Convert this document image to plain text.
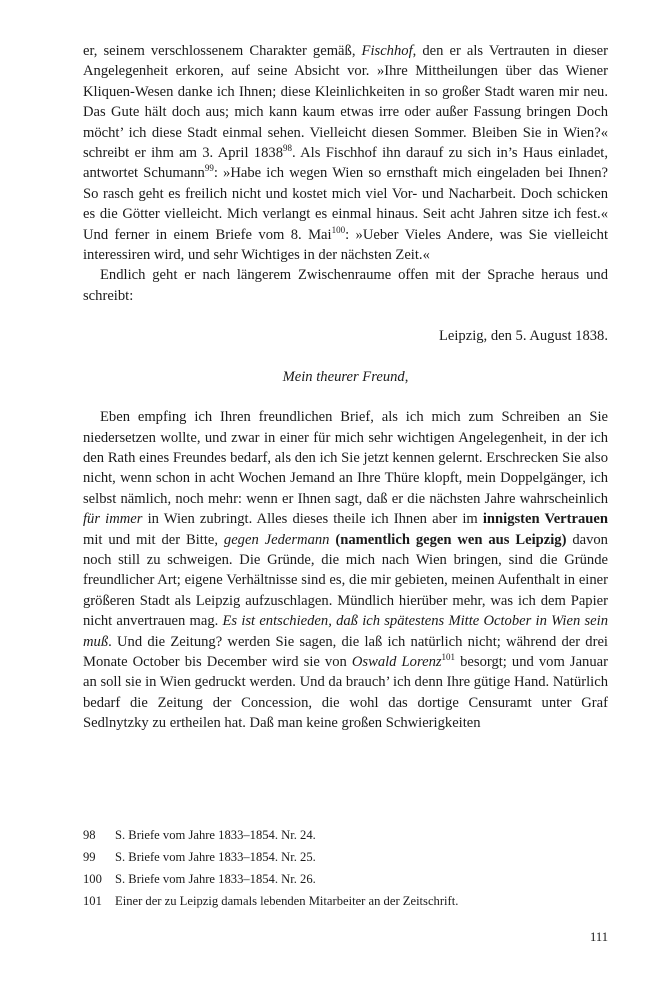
er, seinem verschlossenem Charakter gemäß, Fischhof, den er als Vertrauten in dieser Angelegenheit erkoren, auf seine Absicht vor. »Ihre Mittheilungen über das Wiener Kliquen-Wesen danke ich Ihnen; diese Kleinlichkeiten in so großer Stadt waren mir neu. Das Gute hält doch aus; mich kann kaum etwas irre oder außer Fassung bringen Doch möcht’ ich diese Stadt einmal sehen. Vielleicht diesen Sommer. Bleiben Sie in Wien?« schreibt er ihm am 3. April 1838$^{98}$. Als Fischhof ihn darauf zu sich in’s Haus einladet, antwortet Schumann$^{99}$: »Habe ich wegen Wien so ernsthaft mich eingeladen bei Ihnen? So rasch geht es freilich nicht und kostet mich viel Vor- und Nacharbeit. Doch schicken es die Götter vielleicht. Mich verlangt es einmal hinaus. Seit acht Jahren sitze ich fest.« Und ferner in einem Briefe vom 8. Mai$^{100}$: »Ueber Vieles Andere, was Sie vielleicht interessiren wird, und sehr Wichtiges in der nächsten Zeit.«

Endlich geht er nach längerem Zwischenraume offen mit der Sprache heraus und schreibt:

Leipzig, den 5. August 1838.

Mein theurer Freund,

Eben empfing ich Ihren freundlichen Brief, als ich mich zum Schreiben an Sie niedersetzen wollte, und zwar in einer für mich sehr wichtigen Angelegenheit, in der ich den Rath eines Freundes bedarf, als den ich Sie jetzt kennen gelernt. Erschrecken Sie also nicht, wenn schon in acht Wochen Jemand an Ihre Thüre klopft, mein Doppelgänger, ich selbst nämlich, noch mehr: wenn er Ihnen sagt, daß er die nächsten Jahre wahrscheinlich für immer in Wien zubringt. Alles dieses theile ich Ihnen aber im innigsten Vertrauen mit und mit der Bitte, gegen Jedermann (namentlich gegen wen aus Leipzig) davon noch still zu schweigen. Die Gründe, die mich nach Wien bringen, sind die Gründe freundlicher Art; eigene Verhältnisse sind es, die mir gebieten, meinen Aufenthalt in einer größeren Stadt als Leipzig aufzuschlagen. Mündlich hierüber mehr, was ich dem Papier nicht anvertrauen mag. Es ist entschieden, daß ich spätestens Mitte October in Wien sein muß. Und die Zeitung? werden Sie sagen, die laß ich natürlich nicht; während der drei Monate October bis December wird sie von Oswald Lorenz$^{101}$ besorgt; und vom Januar an soll sie in Wien gedruckt werden. Und da brauch’ ich denn Ihre gütige Hand. Natürlich bedarf die Zeitung der Concession, die wohl das dortige Censuramt unter Graf Sedlnytzky zu ertheilen hat. Daß man keine großen Schwierigkeiten

98	S. Briefe vom Jahre 1833–1854. Nr. 24.
99	S. Briefe vom Jahre 1833–1854. Nr. 25.
100	S. Briefe vom Jahre 1833–1854. Nr. 26.
101	Einer der zu Leipzig damals lebenden Mitarbeiter an der Zeitschrift.
111
